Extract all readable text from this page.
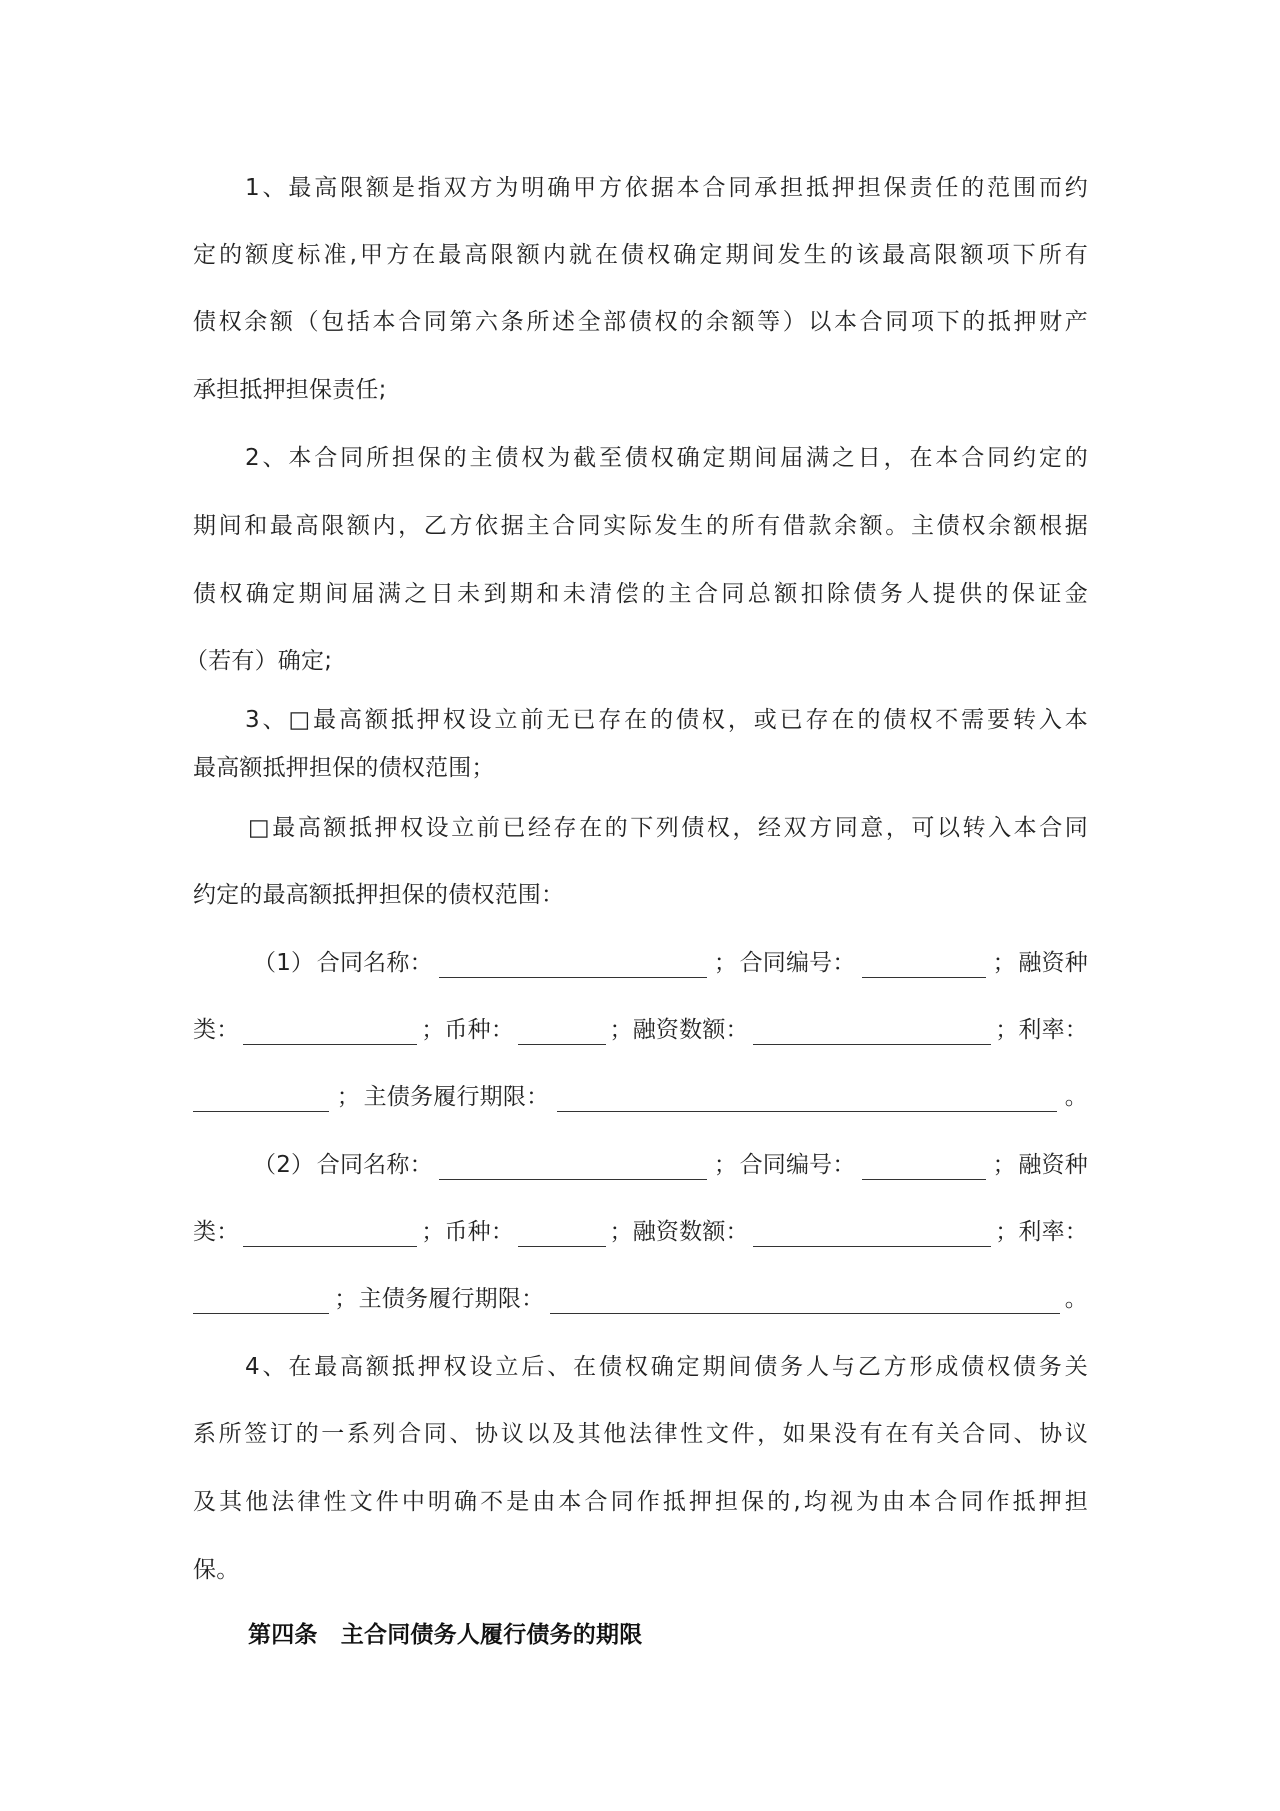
1、最高限额是指双方为明确甲方依据本合同承担抵押担保责任的范围而约
定的额度标准,甲方在最高限额内就在债权确定期间发生的该最高限额项下所有
债权余额（包括本合同第六条所述全部债权的余额等）以本合同项下的抵押财产
承担抵押担保责任;
2、本合同所担保的主债权为截至债权确定期间届满之日，在本合同约定的
期间和最高限额内，乙方依据主合同实际发生的所有借款余额。主债权余额根据
债权确定期间届满之日未到期和未清偿的主合同总额扣除债务人提供的保证金
（若有）确定;
3、□最高额抵押权设立前无已存在的债权，或已存在的债权不需要转入本
最高额抵押担保的债权范围；
□最高额抵押权设立前已经存在的下列债权，经双方同意，可以转入本合同
约定的最高额抵押担保的债权范围：
（1） 合同名称：	； 合同编号：	； 融资种
类：	； 币种：	； 融资数额：	； 利率：
； 主债务履行期限：	。
（2） 合同名称：	； 合同编号：	； 融资种
类：	； 币种：	； 融资数额：	； 利率：
； 主债务履行期限：	。
4、在最高额抵押权设立后、在债权确定期间债务人与乙方形成债权债务关
系所签订的一系列合同、协议以及其他法律性文件，如果没有在有关合同、协议
及其他法律性文件中明确不是由本合同作抵押担保的,均视为由本合同作抵押担
保。
第四条　主合同债务人履行债务的期限
